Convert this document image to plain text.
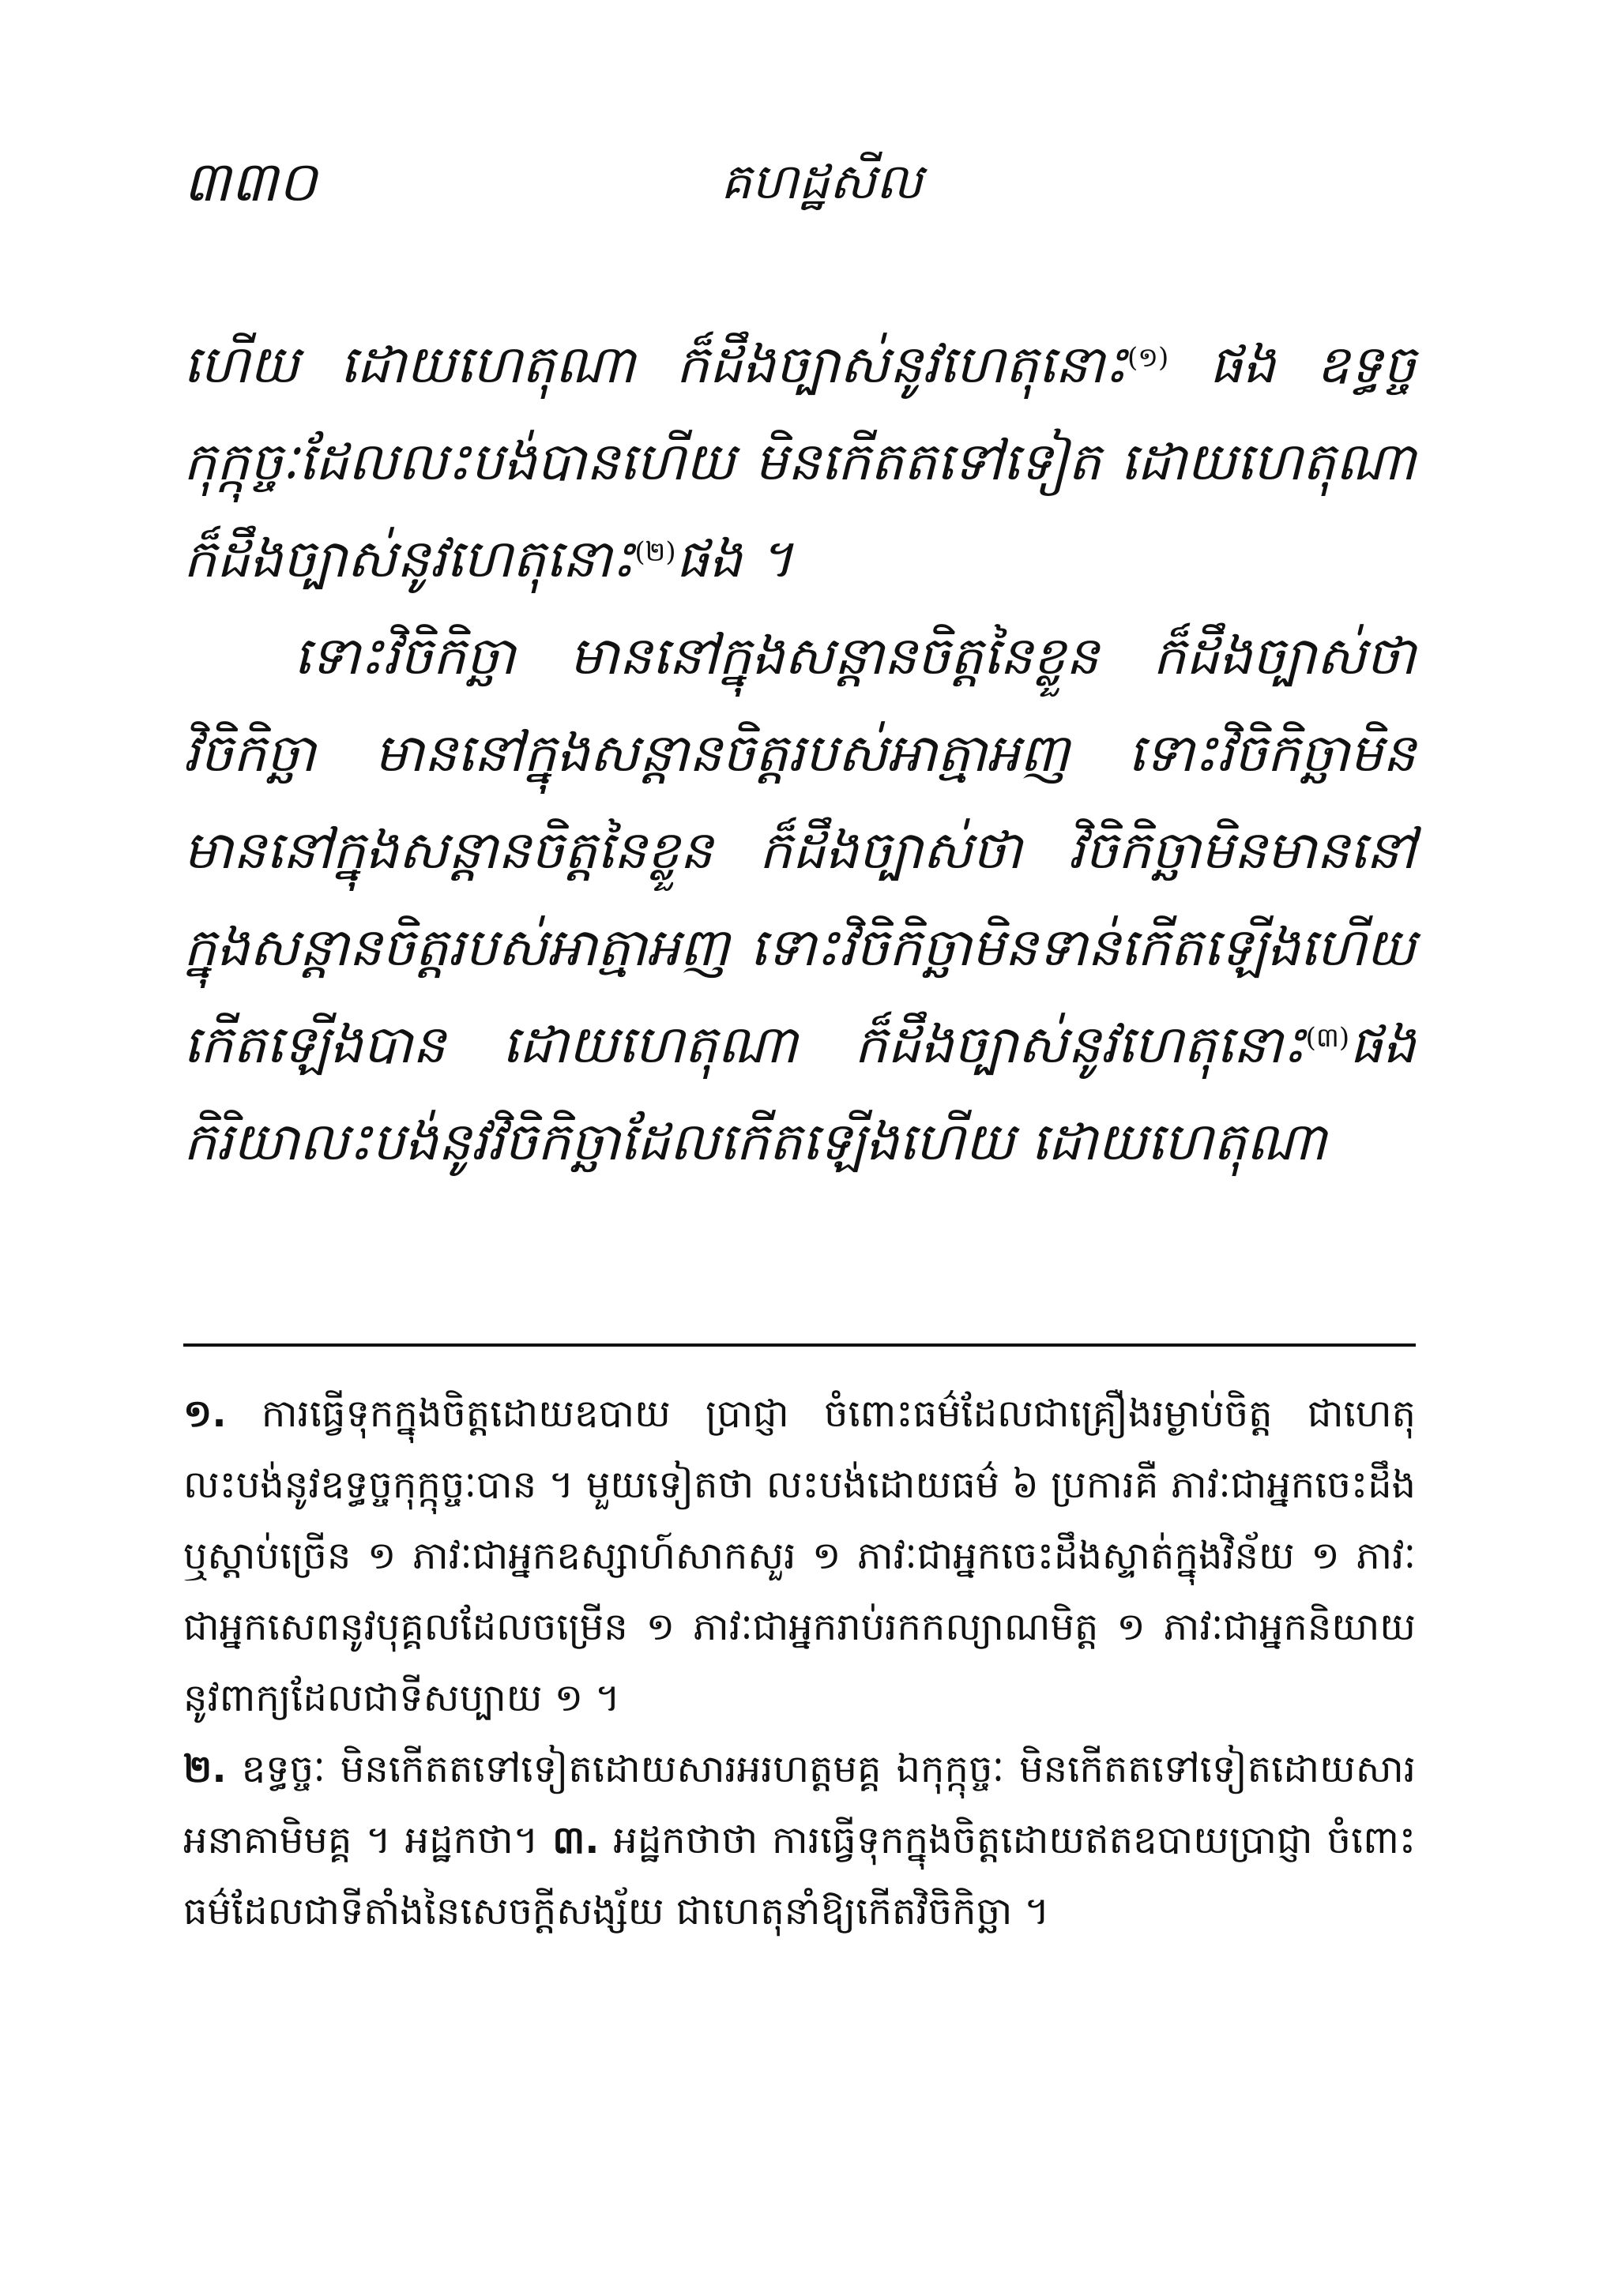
៣៣០	គហដ្ឋសីល

ហើយ ដោយហេតុណា ក៏ដឹងច្បាស់នូវហេតុនោះ$^{(១)}$ ផង ឧទ្ធច្ចកុក្កុច្ចៈដែលលះបង់បានហើយ មិនកើតតទៅទៀត ដោយហេតុណា ក៏ដឹងច្បាស់នូវហេតុនោះ$^{(២)}$ផង ។

ទោះវិចិកិច្ឆា មាននៅក្នុងសន្តានចិត្តនៃខ្លួន ក៏ដឹងច្បាស់ថា វិចិកិច្ឆា មាននៅក្នុងសន្តានចិត្តរបស់អាត្មាអញ ទោះវិចិកិច្ឆាមិនមាននៅក្នុងសន្តានចិត្តនៃខ្លួន ក៏ដឹងច្បាស់ថា វិចិកិច្ឆាមិនមាននៅក្នុងសន្តានចិត្តរបស់អាត្មាអញ ទោះវិចិកិច្ឆាមិនទាន់កើតឡើងហើយកើតឡើងបាន ដោយហេតុណា ក៏ដឹងច្បាស់នូវហេតុនោះ$^{(៣)}$ផង កិរិយាលះបង់នូវវិចិកិច្ឆាដែលកើតឡើងហើយ ដោយហេតុណា

១. ការធ្វើទុកក្នុងចិត្តដោយឧបាយ ប្រាជ្ញា ចំពោះធម៌ដែលជាគ្រឿងរម្ងាប់ចិត្ត ជាហេតុលះបង់នូវឧទ្ធច្ចកុក្កុច្ចៈបាន ។ មួយទៀតថា លះបង់ដោយធម៌ ៦ ប្រការគឺ ភាវៈជាអ្នកចេះដឹង ឬស្ដាប់ច្រើន ១ ភាវៈជាអ្នកឧស្សាហ៍សាកសួរ ១ ភាវៈជាអ្នកចេះដឹងស្ទាត់ក្នុងវិន័យ ១ ភាវៈជាអ្នកសេពនូវបុគ្គលដែលចម្រើន ១ ភាវៈជាអ្នករាប់រកកល្យាណមិត្ត ១ ភាវៈជាអ្នកនិយាយនូវពាក្យដែលជាទីសប្បាយ ១ ។

២. ឧទ្ធច្ចៈ មិនកើតតទៅទៀតដោយសារអរហត្តមគ្គ ឯកុក្កុច្ចៈ មិនកើតតទៅទៀតដោយសារអនាគាមិមគ្គ ។ អដ្ឋកថា។ ៣. អដ្ឋកថាថា ការធ្វើទុកក្នុងចិត្តដោយឥតឧបាយប្រាជ្ញា ចំពោះធម៌ដែលជាទីតាំងនៃសេចក្ដីសង្ស័យ ជាហេតុនាំឱ្យកើតវិចិកិច្ឆា ។
